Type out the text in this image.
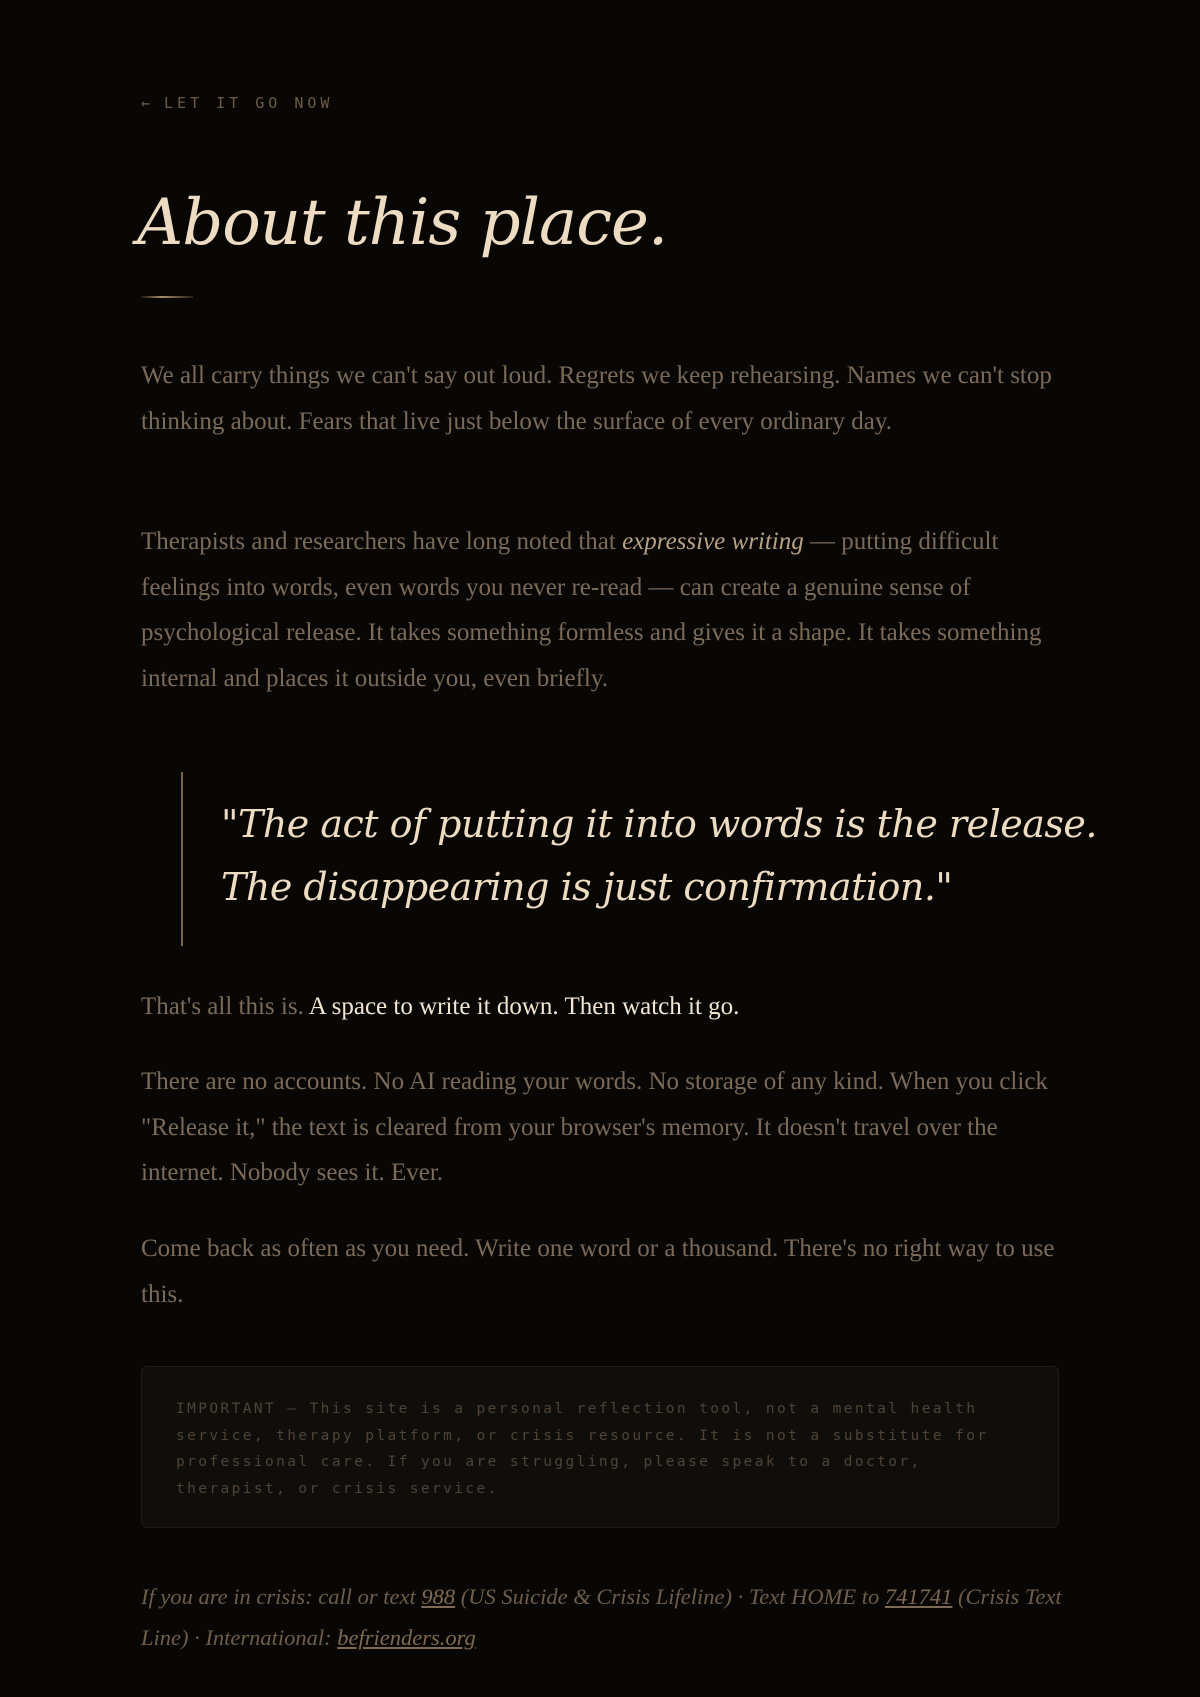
← LET IT GO NOW
About this place.

We all carry things we can't say out loud. Regrets we keep rehearsing. Names we can't stop thinking about. Fears that live just below the surface of every ordinary day.

Therapists and researchers have long noted that expressive writing — putting difficult feelings into words, even words you never re-read — can create a genuine sense of psychological release. It takes something formless and gives it a shape. It takes something internal and places it outside you, even briefly.

"The act of putting it into words is the release. The disappearing is just confirmation."

That's all this is. A space to write it down. Then watch it go.

There are no accounts. No AI reading your words. No storage of any kind. When you click "Release it," the text is cleared from your browser's memory. It doesn't travel over the internet. Nobody sees it. Ever.

Come back as often as you need. Write one word or a thousand. There's no right way to use this.

IMPORTANT — This site is a personal reflection tool, not a mental health service, therapy platform, or crisis resource. It is not a substitute for professional care. If you are struggling, please speak to a doctor, therapist, or crisis service.

If you are in crisis: call or text 988 (US Suicide & Crisis Lifeline) · Text HOME to 741741 (Crisis Text Line) · International: befrienders.org
